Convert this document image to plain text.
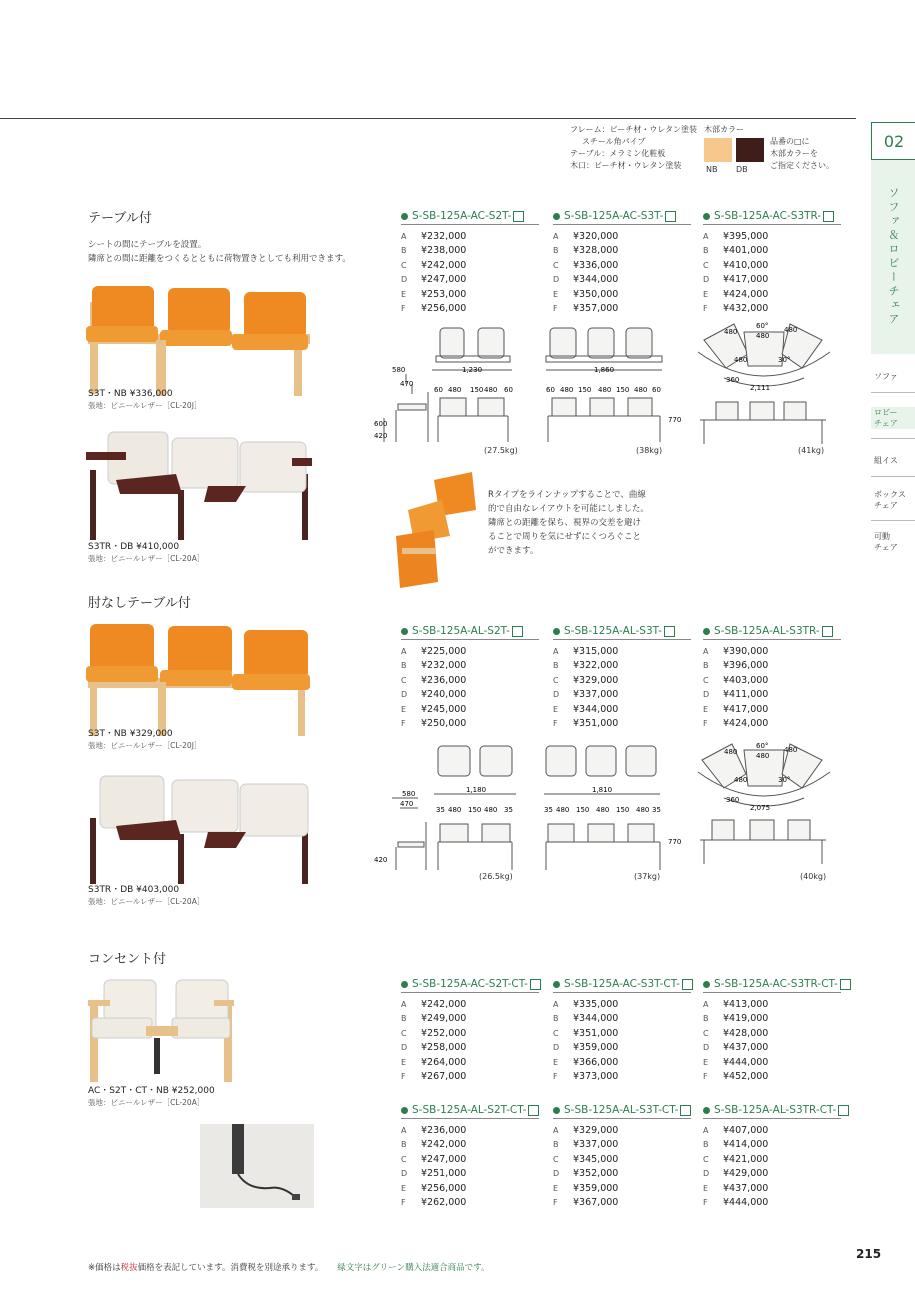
フレーム：ビーチ材・ウレタン塗装
スチール角パイプ
テーブル：メラミン化粧板
木口：ビーチ材・ウレタン塗装
木部カラー
NB DB
品番の□に
木部カラーを
ご指定ください。
02
ソファ＆ロビーチェア
ソファ
ロビー
チェア
組イス
ボックス
チェア
可動
チェア
テーブル付
シートの間にテーブルを設置。
隣席との間に距離をつくるとともに荷物置きとしても利用できます。
S3T・NB ¥336,000
張地：ビニールレザー［CL-20J］
S3TR・DB ¥410,000
張地：ビニールレザー［CL-20A］
S-SB-125A-AC-S2T-
A ¥232,000
B ¥238,000
C ¥242,000
D ¥247,000
E ¥253,000
F ¥256,000
S-SB-125A-AC-S3T-
A ¥320,000
B ¥328,000
C ¥336,000
D ¥344,000
E ¥350,000
F ¥357,000
S-SB-125A-AC-S3TR-
A ¥395,000
B ¥401,000
C ¥410,000
D ¥417,000
E ¥424,000
F ¥432,000
580
470
1,230
60 480 150 480 60
600
420
(27.5kg)
1,860
60 480 150 480 150 480 60
770
(38kg)
480
60°
480
480
480	30°
360
2,111
(41kg)
Rタイプをラインナップすることで、曲線
的で自由なレイアウトを可能にしました。
隣席との距離を保ち、視界の交差を避け
ることで周りを気にせずにくつろぐこと
ができます。
肘なしテーブル付
S3T・NB ¥329,000
張地：ビニールレザー［CL-20J］
S3TR・DB ¥403,000
張地：ビニールレザー［CL-20A］
S-SB-125A-AL-S2T-
A ¥225,000
B ¥232,000
C ¥236,000
D ¥240,000
E ¥245,000
F ¥250,000
S-SB-125A-AL-S3T-
A ¥315,000
B ¥322,000
C ¥329,000
D ¥337,000
E ¥344,000
F ¥351,000
S-SB-125A-AL-S3TR-
A ¥390,000
B ¥396,000
C ¥403,000
D ¥411,000
E ¥417,000
F ¥424,000
580
470
1,180
35 480 150 480 35
420
(26.5kg)
1,810
35 480 150 480 150 480 35
770
(37kg)
480
60°
480
480
480	30°
360
2,075
(40kg)
コンセント付
AC・S2T・CT・NB ¥252,000
張地：ビニールレザー［CL-20A］
S-SB-125A-AC-S2T-CT-
A ¥242,000
B ¥249,000
C ¥252,000
D ¥258,000
E ¥264,000
F ¥267,000
S-SB-125A-AC-S3T-CT-
A ¥335,000
B ¥344,000
C ¥351,000
D ¥359,000
E ¥366,000
F ¥373,000
S-SB-125A-AC-S3TR-CT-
A ¥413,000
B ¥419,000
C ¥428,000
D ¥437,000
E ¥444,000
F ¥452,000
S-SB-125A-AL-S2T-CT-
A ¥236,000
B ¥242,000
C ¥247,000
D ¥251,000
E ¥256,000
F ¥262,000
S-SB-125A-AL-S3T-CT-
A ¥329,000
B ¥337,000
C ¥345,000
D ¥352,000
E ¥359,000
F ¥367,000
S-SB-125A-AL-S3TR-CT-
A ¥407,000
B ¥414,000
C ¥421,000
D ¥429,000
E ¥437,000
F ¥444,000
※価格は税抜価格を表記しています。消費税を別途承ります。 緑文字はグリーン購入法適合商品です。
215
